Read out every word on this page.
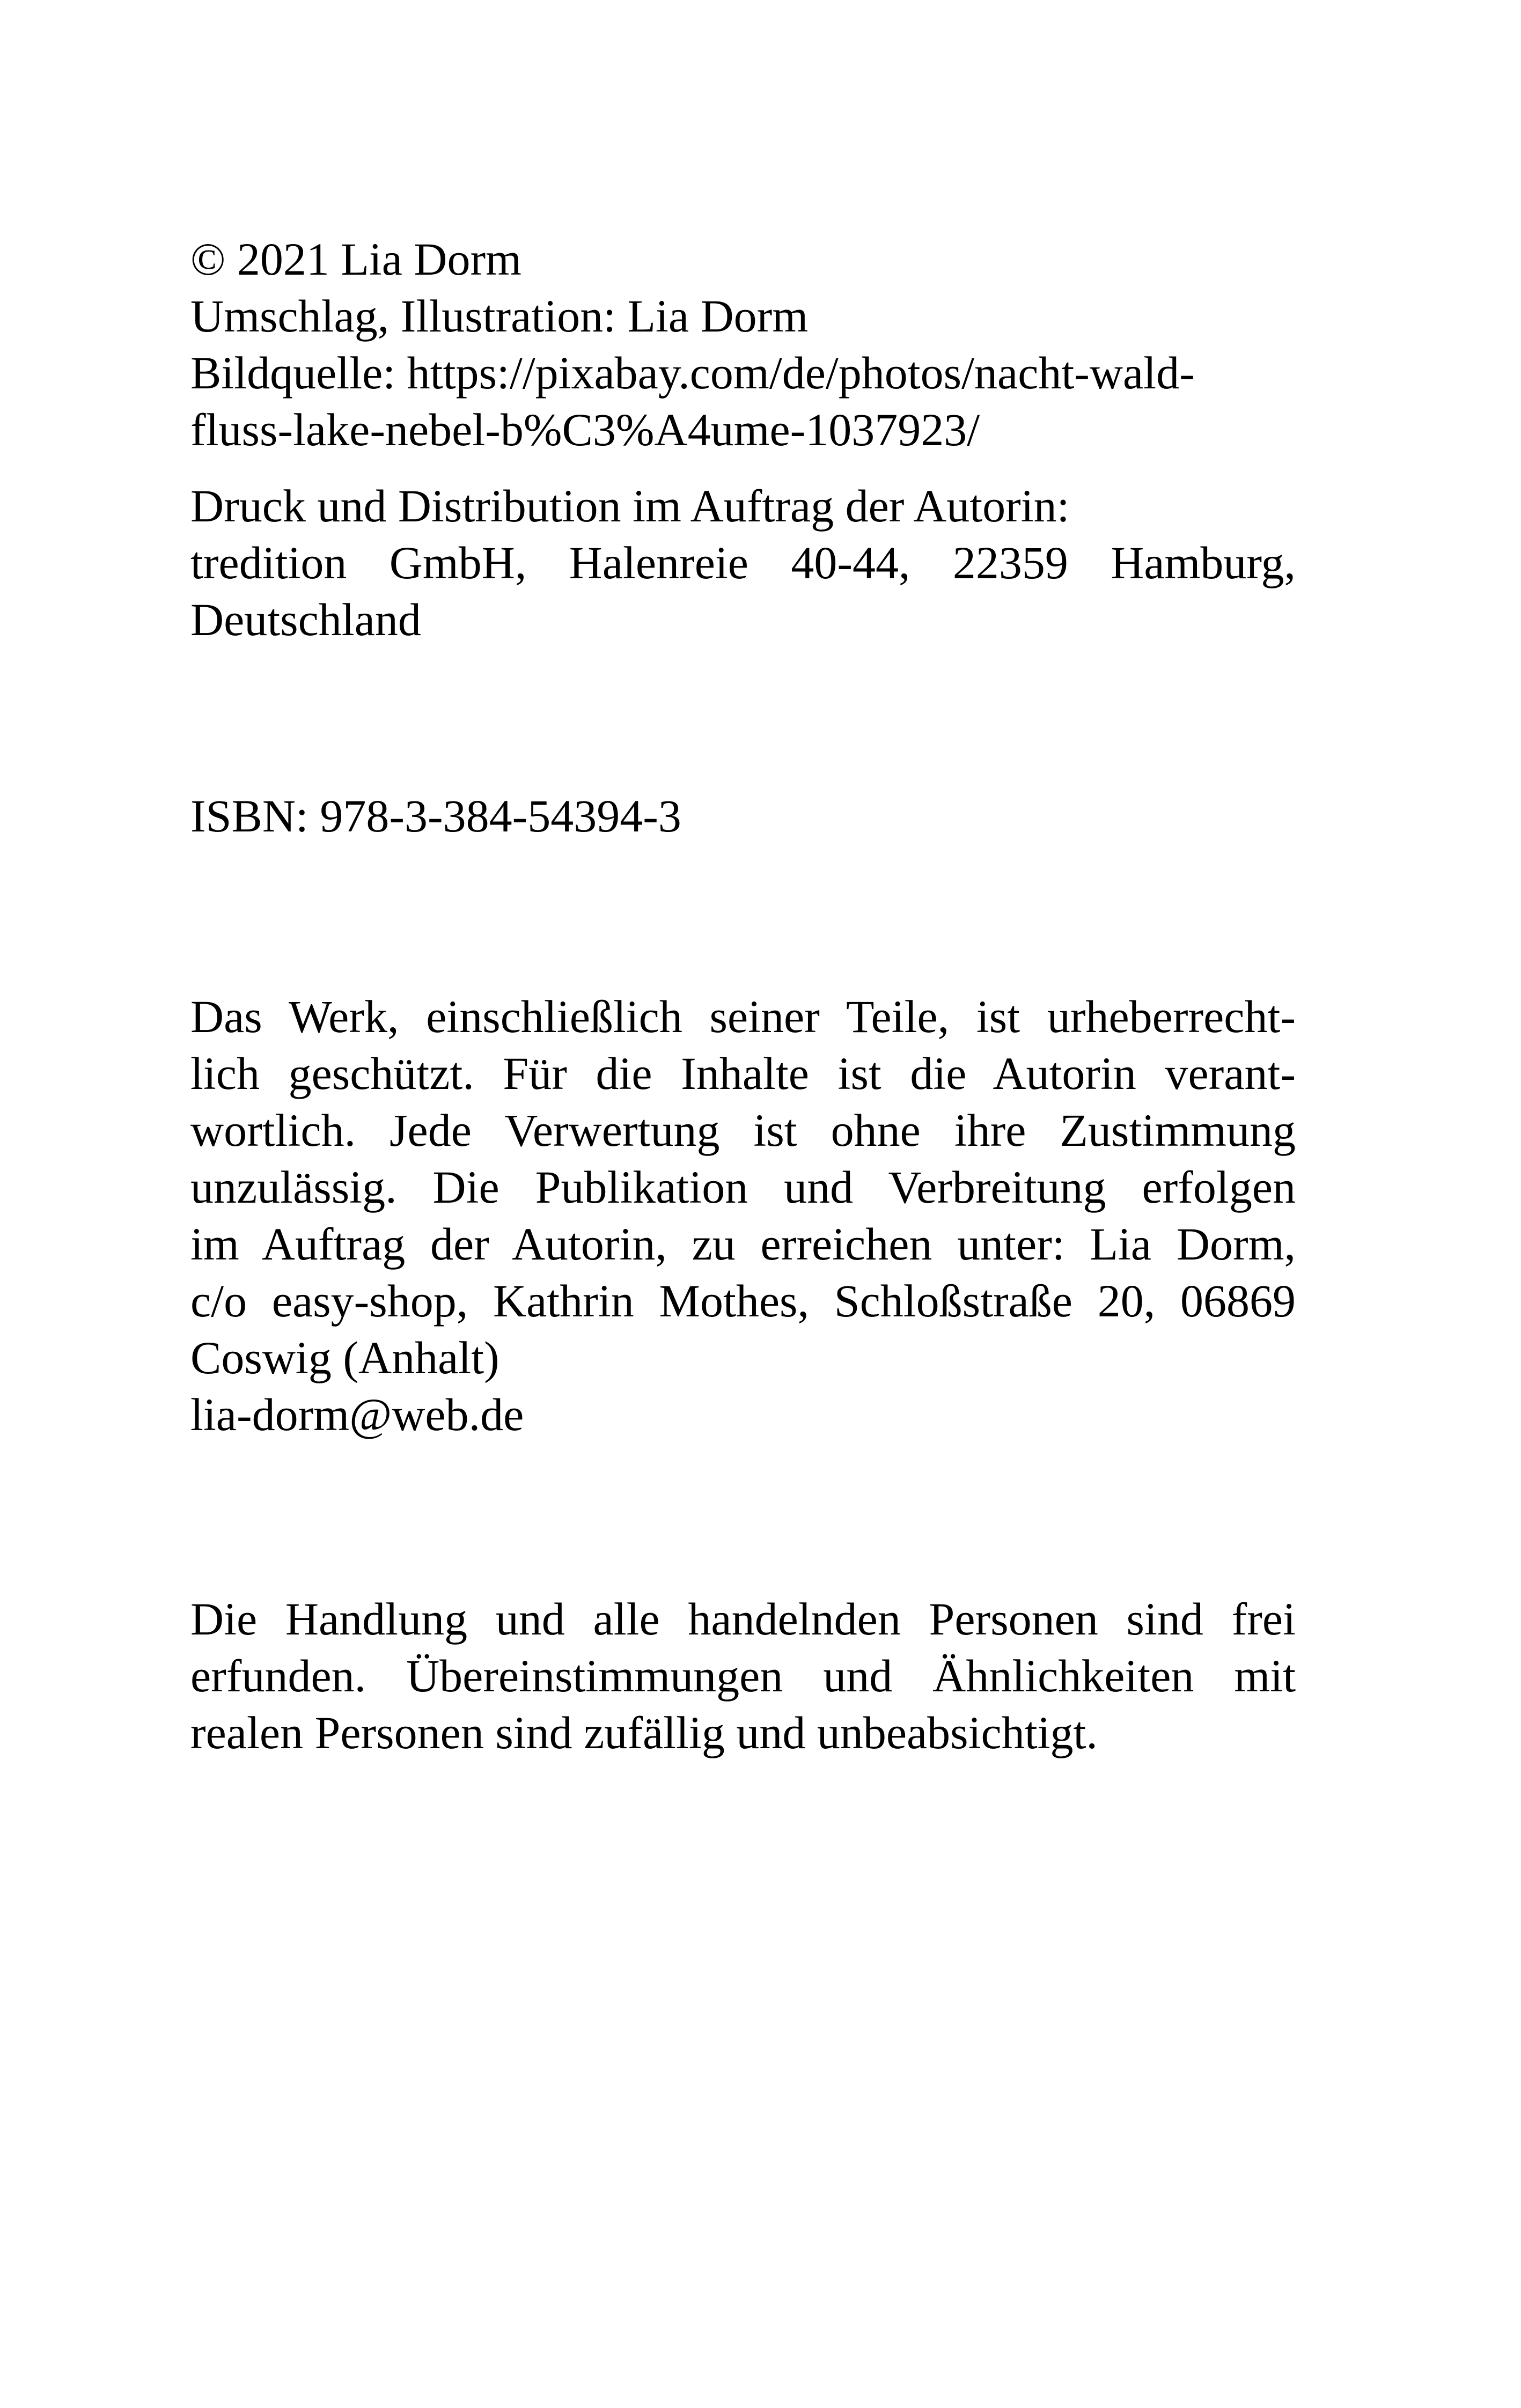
© 2021 Lia Dorm
Umschlag, Illustration: Lia Dorm
Bildquelle: https://pixabay.com/de/photos/nacht-wald-
fluss-lake-nebel-b%C3%A4ume-1037923/
Druck und Distribution im Auftrag der Autorin:
tredition GmbH, Halenreie 40-44, 22359 Hamburg,
Deutschland
ISBN: 978-3-384-54394-3
Das Werk, einschließlich seiner Teile, ist urheberrecht-
lich geschützt. Für die Inhalte ist die Autorin verant-
wortlich. Jede Verwertung ist ohne ihre Zustimmung
unzulässig. Die Publikation und Verbreitung erfolgen
im Auftrag der Autorin, zu erreichen unter: Lia Dorm,
c/o easy-shop, Kathrin Mothes, Schloßstraße 20, 06869
Coswig (Anhalt)
lia-dorm@web.de
Die Handlung und alle handelnden Personen sind frei
erfunden. Übereinstimmungen und Ähnlichkeiten mit
realen Personen sind zufällig und unbeabsichtigt.
